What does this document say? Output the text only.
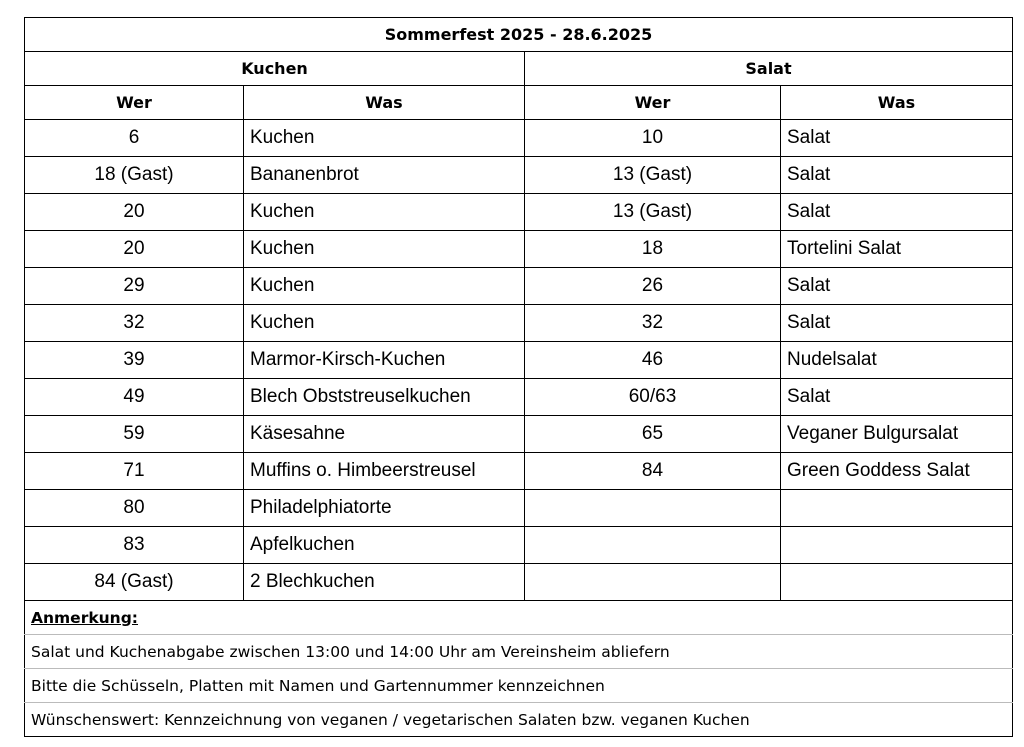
Sommerfest 2025 - 28.6.2025			
Kuchen		Salat	
Wer	Was	Wer	Was
6	Kuchen	10	Salat
18 (Gast)	Bananenbrot	13 (Gast)	Salat
20	Kuchen	13 (Gast)	Salat
20	Kuchen	18	Tortelini Salat
29	Kuchen	26	Salat
32	Kuchen	32	Salat
39	Marmor-Kirsch-Kuchen	46	Nudelsalat
49	Blech Obststreuselkuchen	60/63	Salat
59	Käsesahne	65	Veganer Bulgursalat
71	Muffins o. Himbeerstreusel	84	Green Goddess Salat
80	Philadelphiatorte		
83	Apfelkuchen		
84 (Gast)	2 Blechkuchen		
Anmerkung:			
Salat und Kuchenabgabe zwischen 13:00 und 14:00 Uhr am Vereinsheim abliefern			
Bitte die Schüsseln, Platten mit Namen und Gartennummer kennzeichnen			
Wünschenswert: Kennzeichnung von veganen / vegetarischen Salaten bzw. veganen Kuchen			
